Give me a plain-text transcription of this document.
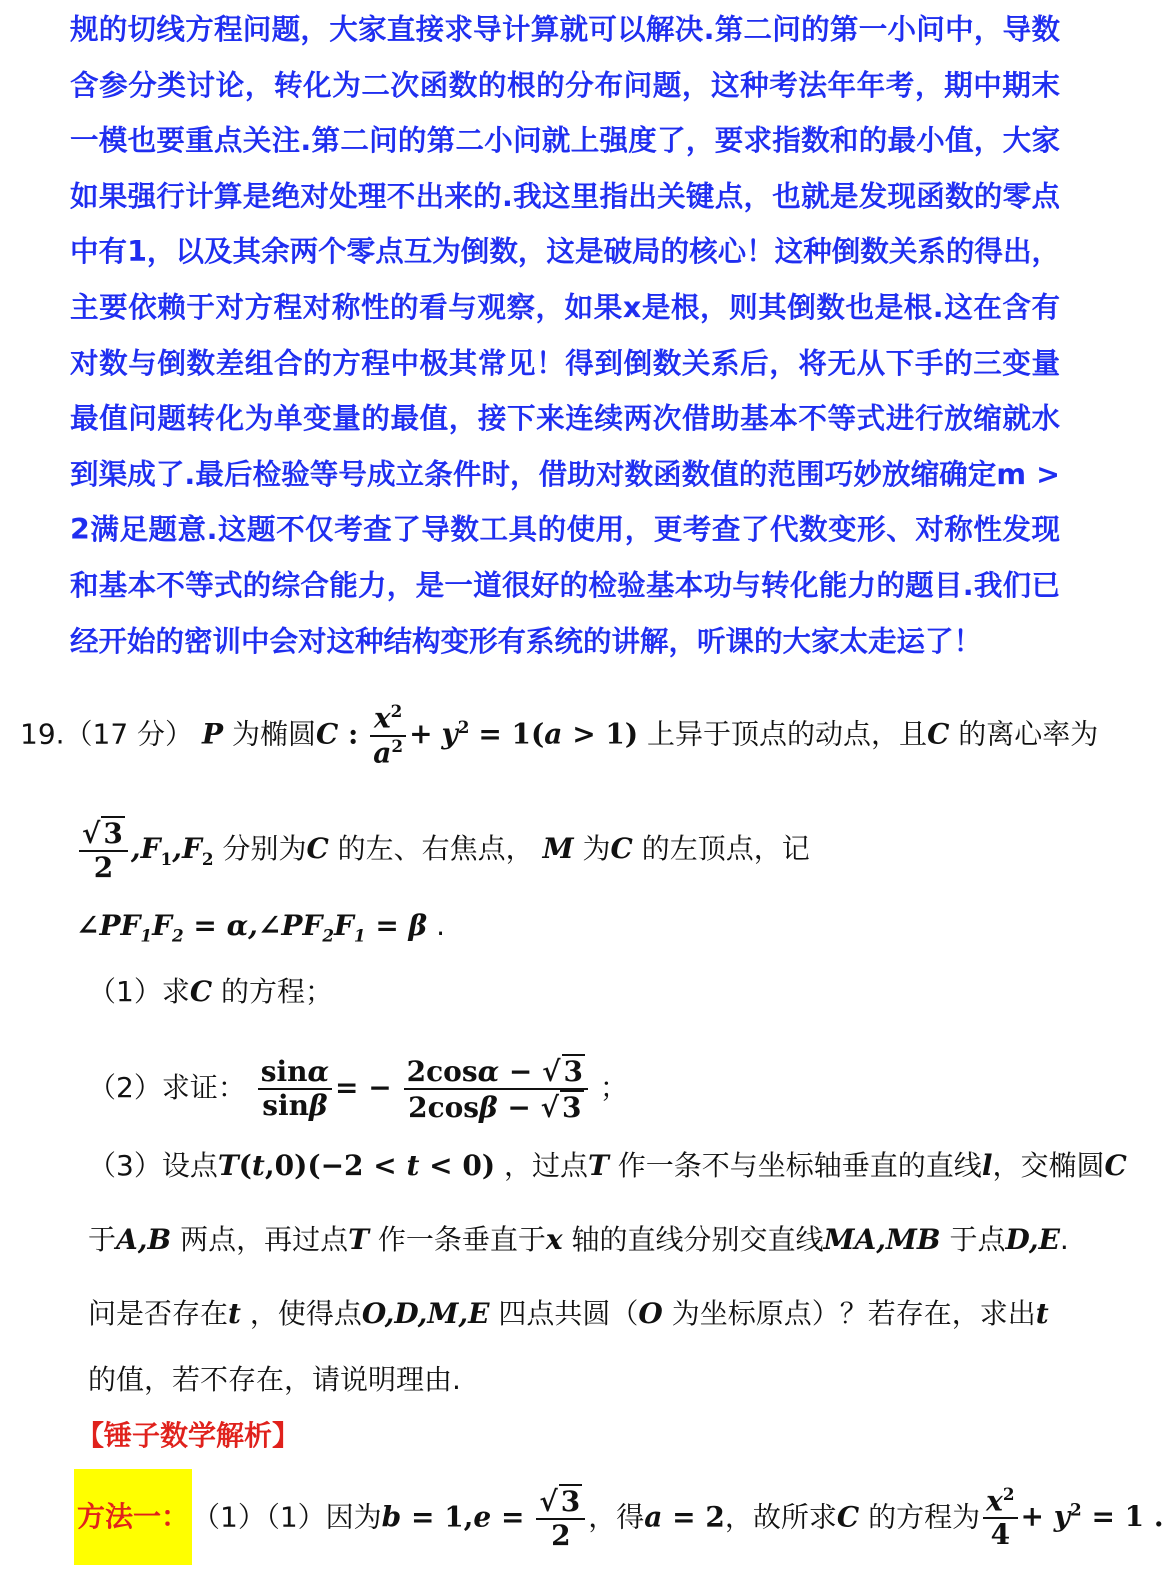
规的切线方程问题，大家直接求导计算就可以解决.第二问的第一小问中，导数
含参分类讨论，转化为二次函数的根的分布问题，这种考法年年考，期中期末
一模也要重点关注.第二问的第二小问就上强度了，要求指数和的最小值，大家
如果强行计算是绝对处理不出来的.我这里指出关键点，也就是发现函数的零点
中有1，以及其余两个零点互为倒数，这是破局的核心！这种倒数关系的得出，
主要依赖于对方程对称性的看与观察，如果x是根，则其倒数也是根.这在含有
对数与倒数差组合的方程中极其常见！得到倒数关系后，将无从下手的三变量
最值问题转化为单变量的最值，接下来连续两次借助基本不等式进行放缩就水
到渠成了.最后检验等号成立条件时，借助对数函数值的范围巧妙放缩确定m >
2满足题意.这题不仅考查了导数工具的使用，更考查了代数变形、对称性发现
和基本不等式的综合能力，是一道很好的检验基本功与转化能力的题目.我们已
经开始的密训中会对这种结构变形有系统的讲解，听课的大家太走运了！
19.（17 分） P 为椭圆C : $\frac{x^2}{a^2} + y^2 = 1(a > 1)$ 上异于顶点的动点，且C 的离心率为
$\frac{√ 3}{2} ,F_1,F_2$ 分别为C 的左、右焦点， M 为C 的左顶点，记
$\angle PF_1F_2$ = $\alpha,\angle PF_2F_1 = \beta$ .
（1）求C 的方程；
（2）求证： $\frac{\sin\alpha}{\sin\beta}$ = − $\frac{2\cos\alpha - √ 3}{2\cos\beta - √ 3}$ ；
（3）设点T(t,0)(−2 < t < 0) ，过点T 作一条不与坐标轴垂直的直线l，交椭圆C
于A,B 两点，再过点T 作一条垂直于x 轴的直线分别交直线MA,MB 于点D,E.
问是否存在t ，使得点O,D,M,E 四点共圆（O 为坐标原点）？若存在，求出t
的值，若不存在，请说明理由.
【锤子数学解析】
方法一： （1）（1）因为$b = 1,e = \frac{√ 3}{2}$ ，得a = 2，故所求C 的方程为 $\frac{x^2}{4} + y^2 = 1$ .
